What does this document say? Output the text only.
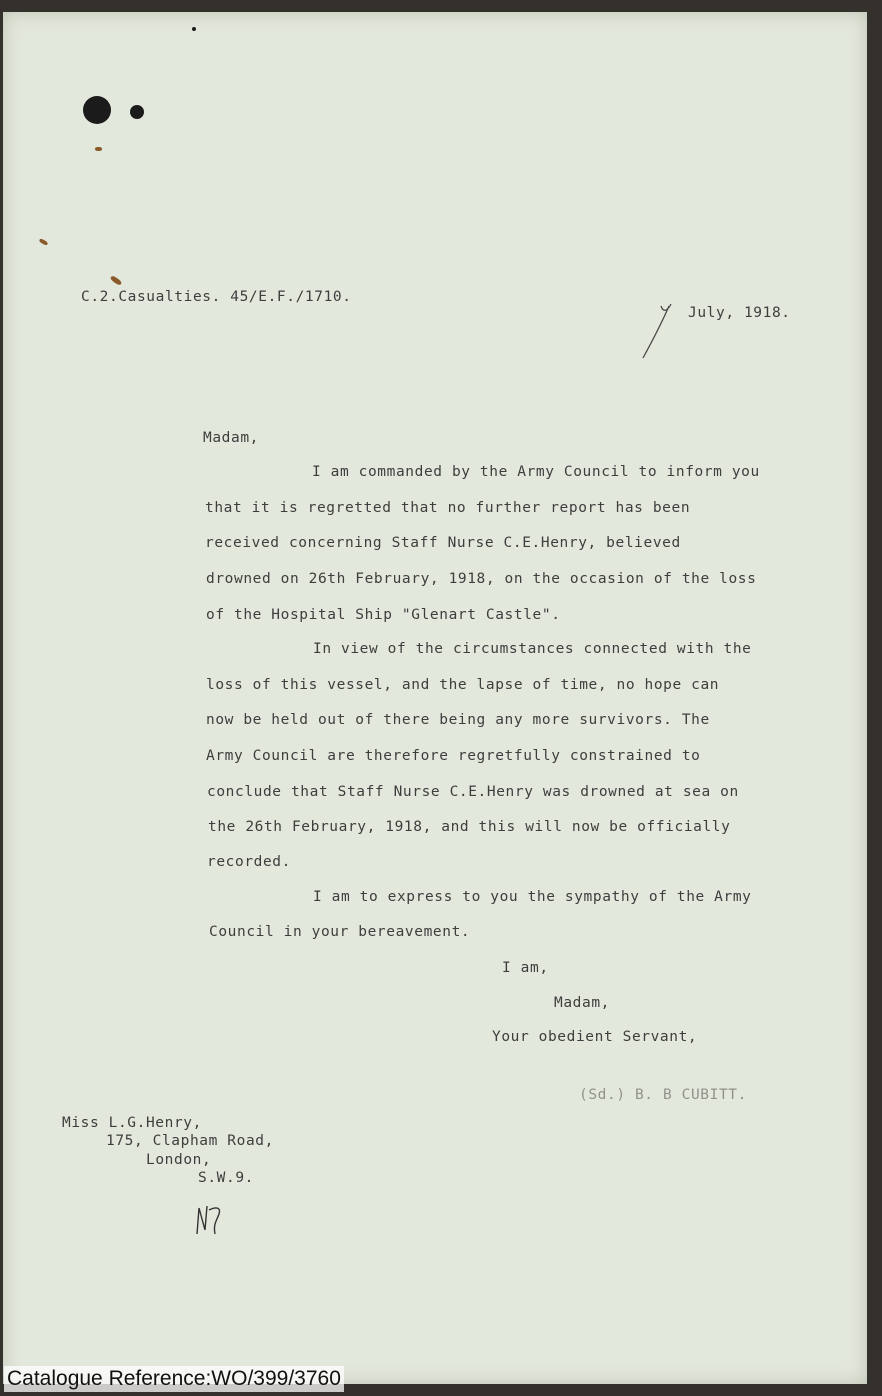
C.2.Casualties. 45/E.F./1710.
July, 1918.
Madam,
I am commanded by the Army Council to inform you
that it is regretted that no further report has been
received concerning Staff Nurse C.E.Henry, believed
drowned on 26th February, 1918, on the occasion of the loss
of the Hospital Ship "Glenart Castle".
In view of the circumstances connected with the
loss of this vessel, and the lapse of time, no hope can
now be held out of there being any more survivors. The
Army Council are therefore regretfully constrained to
conclude that Staff Nurse C.E.Henry was drowned at sea on
the 26th February, 1918, and this will now be officially
recorded.
I am to express to you the sympathy of the Army
Council in your bereavement.
I am,
Madam,
Your obedient Servant,
(Sd.) B. B CUBITT.
Miss L.G.Henry,
175, Clapham Road,
London,
S.W.9.
Catalogue Reference:WO/399/3760
